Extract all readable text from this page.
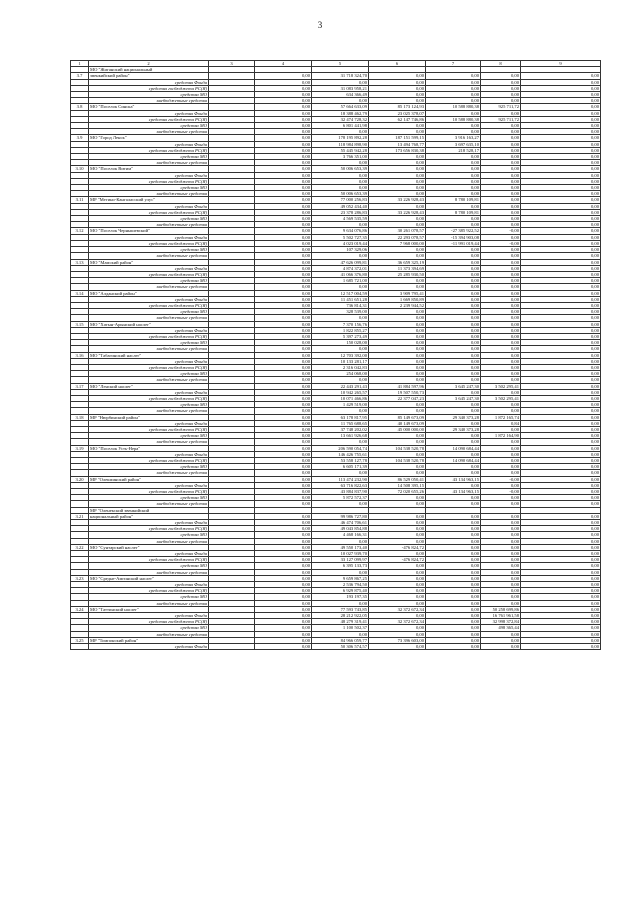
3
1	2	3	4	5	6	7	8	9	
	МО "Жиганский национальный								
3.7	эвенкийский район"		0,00	31 718 324,70	0,00	0,00	0,00	0,00	
	средства Фонда		0,00	0,00	0,00	0,00	0,00	0,00	
	средства госбюджета РС(Я)		0,00	31 083 958,21	0,00	0,00	0,00	0,00	
	средства МО		0,00	634 366,49	0,00	0,00	0,00	0,00	
	внебюджетные средства		0,00	0,00	0,00	0,00	0,00	0,00	
3.8	МО "Поселок Синска"		0,00	57 664 633,09	85 173 124,93	10 588 880,38	925 711,72	0,00	
	средства Фонда		0,00	18 388 462,79	23 025 378,07	0,00	0,00	0,00	
	средства госбюджета РС(Я)		0,00	32 474 728,32	62 147 746,86	10 588 880,38	925 711,72	0,00	
	средства МО		0,00	6 801 441,98	0,00	0,00	0,00	0,00	
	внебюджетные средства		0,00	0,00	0,00	0,00	0,00	0,00	
3.9	МО "Город Ленск"		0,00	178 195 892,28	187 151 599,15	3 916 163,27	0,00	0,00	
	средства Фонда		0,00	118 984 898,90	13 494 768,77	3 697 635,10	0,00	0,00	
	средства госбюджета РС(Я)		0,00	55 445 942,28	173 656 830,38	218 528,17	0,00	0,00	
	средства МО		0,00	3 766 351,00	0,00	0,00	0,00	0,00	
	внебюджетные средства		0,00	0,00	0,00	0,00	0,00	0,00	
3.10	МО "Поселок Витим"		0,00	50 006 653,39	0,00	0,00	0,00	0,00	
	средства Фонда		0,00	0,00	0,00	0,00	0,00	0,00	
	средства госбюджета РС(Я)		0,00	0,00	0,00	0,00	0,00	0,00	
	средства МО		0,00	0,00	0,00	0,00	0,00	0,00	
	внебюджетные средства		0,00	50 006 653,39	0,00	0,00	0,00	0,00	
3.11	МР "Мегино-Кангаласский улус"		0,00	77 000 256,83	33 226 928,43	8 780 109,81	0,00	0,00	
	средства Фонда		0,00	49 052 434,40	0,00	0,00	0,00	0,00	
	средства госбюджета РС(Я)		0,00	23 378 286,83	33 226 928,43	8 780 109,81	0,00	0,00	
	средства МО		0,00	4 569 535,59	0,00	0,00	0,00	0,00	
	внебюджетные средства		0,00	0,00	0,00	0,00	0,00	0,00	
3.12	МО "Поселок Чернышевский"		0,00	9 634 076,86	30 261 078,57	-27 385 922,52	-0,00	0,00	
	средства Фонда		0,00	5 502 727,35	22 293 078,57	-15 394 903,08	0,00	0,00	
	средства госбюджета РС(Я)		0,00	4 023 019,44	7 968 000,00	-11 991 019,44	-0,00	0,00	
	средства МО		0,00	107 329,06	0,00	0,00	0,00	0,00	
	внебюджетные средства		0,00	0,00	0,00	0,00	0,00	0,00	
3.13	МО "Мамский район"		0,00	47 626 099,81	36 659 325,19	0,00	0,00	0,00	
	средства Фонда		0,00	4 874 372,01	11 373 394,69	0,00	0,00	0,00	
	средства госбюджета РС(Я)		0,00	41 066 376,80	25 285 930,50	0,00	0,00	0,00	
	средства МО		0,00	1 685 721,00	0,00	0,00	0,00	0,00	
	внебюджетные средства		0,00	0,00	0,00	0,00	0,00	0,00	
3.14	МО "Алданский район"		0,00	12 517 004,59	3 909 795,41	0,00	0,00	0,00	
	средства Фонда		0,00	11 451 651,28	1 669 850,89	0,00	0,00	0,00	
	средства госбюджета РС(Я)		0,00	736 814,31	2 239 944,52	0,00	0,00	0,00	
	средства МО		0,00	328 539,00	0,00	0,00	0,00	0,00	
	внебюджетные средства		0,00	0,00	0,00	0,00	0,00	0,00	
3.15	МО "Хатын-Арынский наслег"		0,00	7 370 156,76	0,00	0,00	0,00	0,00	
	средства Фонда		0,00	1 822 855,27	0,00	0,00	0,00	0,00	
	средства госбюджета РС(Я)		0,00	5 397 273,49	0,00	0,00	0,00	0,00	
	средства МО		0,00	150 028,00	0,00	0,00	0,00	0,00	
	внебюджетные средства		0,00	0,00	0,00	0,00	0,00	0,00	
3.16	МО "Табагинский наслег"		0,00	12 703 392,00	0,00	0,00	0,00	0,00	
	средства Фонда		0,00	10 133 281,17	0,00	0,00	0,00	0,00	
	средства госбюджета РС(Я)		0,00	2 316 042,83	0,00	0,00	0,00	0,00	
	средства МО		0,00	254 068,00	0,00	0,00	0,00	0,00	
	внебюджетные средства		0,00	0,00	0,00	0,00	0,00	0,00	
3.17	МО "Ленский наслег"		0,00	22 443 291,43	41 884 597,96	3 645 247,30	3 502 295,41	0,00	
	средства Фонда		0,00	10 942 265,57	19 507 550,73	0,00	0,00	0,00	
	средства госбюджета РС(Я)		0,00	10 071 466,86	22 377 047,23	3 645 247,30	3 502 295,41	0,00	
	средства МО		0,00	1 429 519,00	0,00	0,00	0,00	0,00	
	внебюджетные средства		0,00	0,00	0,00	0,00	0,00	0,00	
3.18	МР "Нюрбинский район"		0,00	63 178 817,95	85 149 673,09	29 340 373,28	1 872 165,74	0,00	
	средства Фонда		0,00	11 765 688,65	40 149 673,09	0,00	0,84	0,00	
	средства госбюджета РС(Я)		0,00	37 748 202,02	45 000 000,00	29 340 373,28	0,00	0,00	
	средства МО		0,00	13 661 926,68	0,00	0,00	1 872 164,90	0,00	
	внебюджетные средства		0,00	0,00	0,00	0,00	0,00	0,00	
3.19	МО "Поселок Усть-Нера"		0,00	206 590 054,74	104 538 520,78	14 090 684,44	0,00	0,00	
	средства Фонда		0,00	146 426 755,61	0,00	0,00	0,00	0,00	
	средства госбюджета РС(Я)		0,00	53 558 127,78	104 538 520,78	14 090 684,44	0,00	0,00	
	средства МО		0,00	6 605 171,39	0,00	0,00	0,00	0,00	
	внебюджетные средства		0,00	0,00	0,00	0,00	0,00	0,00	
3.20	МР "Олекминский район"		0,00	113 474 232,90	86 529 050,41	43 134 963,15	-0,00	0,00	
	средства Фонда		0,00	63 716 822,63	14 508 395,15	0,00	0,00	0,00	
	средства госбюджета РС(Я)		0,00	43 884 837,90	72 020 655,26	43 134 963,15	-0,00	0,00	
	средства МО		0,00	5 872 572,37	0,00	0,00	0,00	0,00	
	внебюджетные средства		0,00	0,00	0,00	0,00	0,00	0,00	
	МР "Оленекский эвенкийский								
3.21	национальный район"		0,00	99 986 727,80	0,00	0,00	0,00	0,00	
	средства Фонда		0,00	46 474 706,61	0,00	0,00	0,00	0,00	
	средства госбюджета РС(Я)		0,00	49 043 854,88	0,00	0,00	0,00	0,00	
	средства МО		0,00	4 468 166,31	0,00	0,00	0,00	0,00	
	внебюджетные средства		0,00	0,00	0,00	0,00	0,00	0,00	
3.22	МО "Сунтарский наслег"		0,00	49 550 173,40	-476 824,72	0,00	0,00	0,00	
	средства Фонда		0,00	10 027 939,70	0,00	0,00	0,00	0,00	
	средства госбюджета РС(Я)		0,00	33 127 099,97	-476 824,72	0,00	0,00	0,00	
	средства МО		0,00	6 395 133,73	0,00	0,00	0,00	0,00	
	внебюджетные средства		0,00	0,00	0,00	0,00	0,00	0,00	
3.23	МО "Средне-Амгинский наслег"		0,00	9 659 867,25	0,00	0,00	0,00	0,00	
	средства Фонда		0,00	2 536 794,50	0,00	0,00	0,00	0,00	
	средства госбюджета РС(Я)		0,00	6 929 875,40	0,00	0,00	0,00	0,00	
	средства МО		0,00	193 197,35	0,00	0,00	0,00	0,00	
	внебюджетные средства		0,00	0,00	0,00	0,00	0,00	0,00	
3.24	МО "Таттинский наслег"		0,00	77 593 743,85	32 372 672,34	0,00	50 258 699,86	0,00	
	средства Фонда		0,00	28 212 922,05	0,00	0,00	16 761 961,58	0,00	
	средства госбюджета РС(Я)		0,00	48 279 319,41	32 372 672,34	0,00	32 998 372,84	0,00	
	средства МО		0,00	1 100 502,37	0,00	0,00	498 365,44	0,00	
	внебюджетные средства		0,00	0,00	0,00	0,00	0,00	0,00	
3.25	МР "Томпонский район"		0,00	84 966 059,77	73 396 603,00	0,00	0,00	0,00	
	средства Фонда		0,00	50 306 574,57	0,00	0,00	0,00	0,00	
